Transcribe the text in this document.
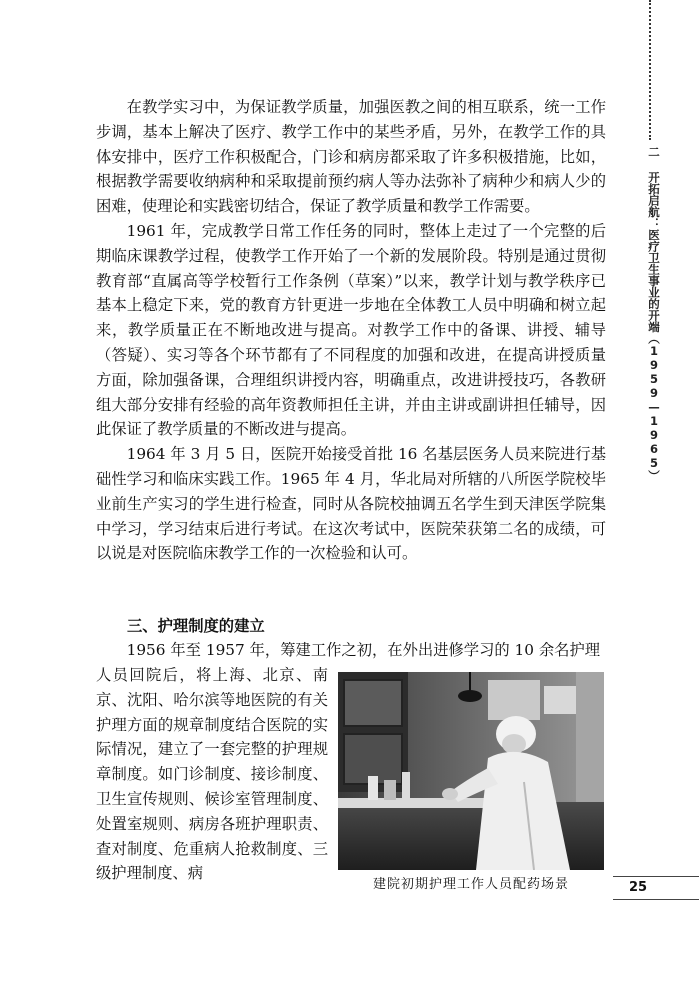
二 开拓启航：医疗卫生事业的开端（1959—1965）

在教学实习中，为保证教学质量，加强医教之间的相互联系，统一工作步调，基本上解决了医疗、教学工作中的某些矛盾，另外，在教学工作的具体安排中，医疗工作积极配合，门诊和病房都采取了许多积极措施，比如，根据教学需要收纳病种和采取提前预约病人等办法弥补了病种少和病人少的困难，使理论和实践密切结合，保证了教学质量和教学工作需要。

1961 年，完成教学日常工作任务的同时，整体上走过了一个完整的后期临床课教学过程，使教学工作开始了一个新的发展阶段。特别是通过贯彻教育部“直属高等学校暂行工作条例（草案）”以来，教学计划与教学秩序已基本上稳定下来，党的教育方针更进一步地在全体教工人员中明确和树立起来，教学质量正在不断地改进与提高。对教学工作中的备课、讲授、辅导（答疑）、实习等各个环节都有了不同程度的加强和改进，在提高讲授质量方面，除加强备课，合理组织讲授内容，明确重点，改进讲授技巧，各教研组大部分安排有经验的高年资教师担任主讲，并由主讲或副讲担任辅导，因此保证了教学质量的不断改进与提高。

1964 年 3 月 5 日，医院开始接受首批 16 名基层医务人员来院进行基础性学习和临床实践工作。1965 年 4 月，华北局对所辖的八所医学院校毕业前生产实习的学生进行检查，同时从各院校抽调五名学生到天津医学院集中学习，学习结束后进行考试。在这次考试中，医院荣获第二名的成绩，可以说是对医院临床教学工作的一次检验和认可。

三、护理制度的建立

1956 年至 1957 年，筹建工作之初，在外出进修学习的 10 余名护理

人员回院后，将上海、北京、南京、沈阳、哈尔滨等地医院的有关护理方面的规章制度结合医院的实际情况，建立了一套完整的护理规章制度。如门诊制度、接诊制度、卫生宣传规则、候诊室管理制度、处置室规则、病房各班护理职责、查对制度、危重病人抢救制度、三级护理制度、病

建院初期护理工作人员配药场景	25
